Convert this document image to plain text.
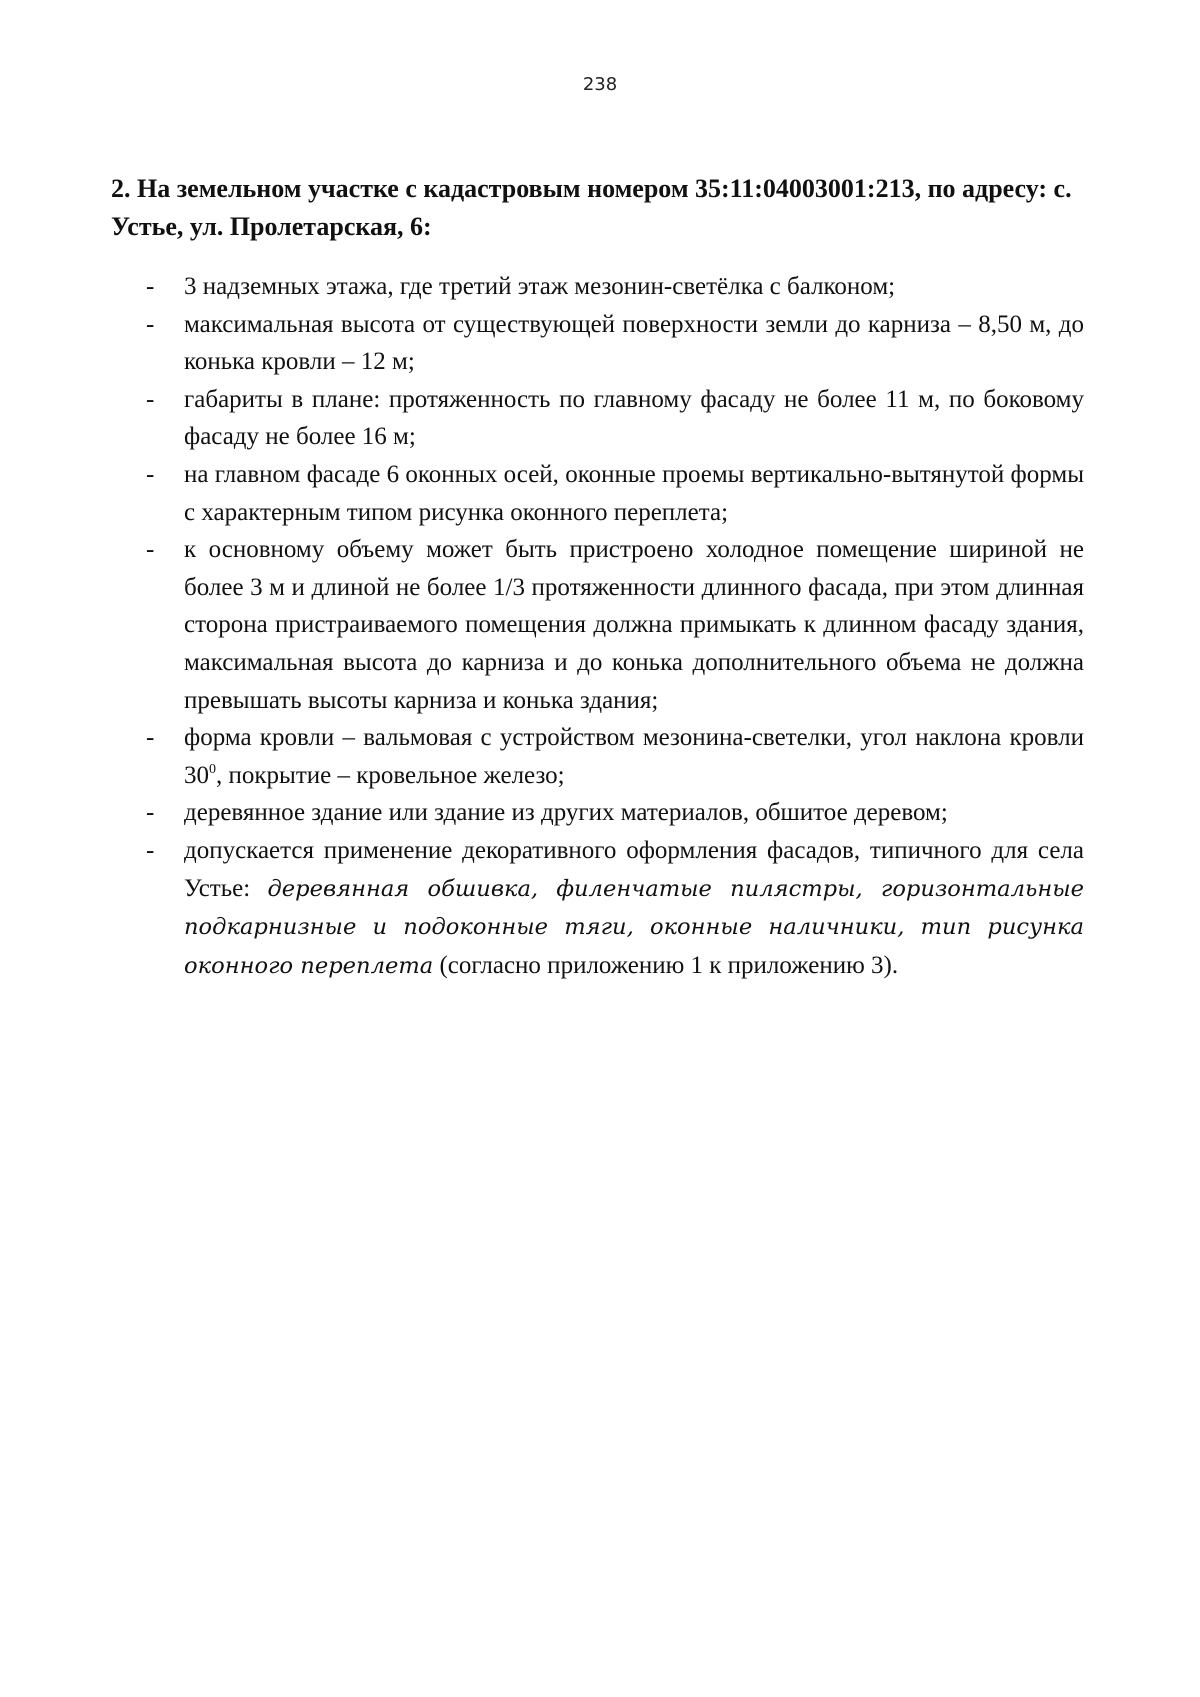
238
2. На земельном участке с кадастровым номером 35:11:04003001:213, по адресу: с. Устье, ул. Пролетарская, 6:
- 3 надземных этажа, где третий этаж мезонин-светёлка с балконом;
- максимальная высота от существующей поверхности земли до карниза – 8,50 м, до конька кровли – 12 м;
- габариты в плане: протяженность по главному фасаду не более 11 м, по боковому фасаду не более 16 м;
- на главном фасаде 6 оконных осей, оконные проемы вертикально-вытянутой формы с характерным типом рисунка оконного переплета;
- к основному объему может быть пристроено холодное помещение шириной не более 3 м и длиной не более 1/3 протяженности длинного фасада, при этом длинная сторона пристраиваемого помещения должна примыкать к длинном фасаду здания, максимальная высота до карниза и до конька дополнительного объема не должна превышать высоты карниза и конька здания;
- форма кровли – вальмовая с устройством мезонина-светелки, угол наклона кровли $30^0$, покрытие – кровельное железо;
- деревянное здание или здание из других материалов, обшитое деревом;
- допускается применение декоративного оформления фасадов, типичного для села Устье: деревянная обшивка, филенчатые пилястры, горизонтальные подкарнизные и подоконные тяги, оконные наличники, тип рисунка оконного переплета (согласно приложению 1 к приложению 3).
